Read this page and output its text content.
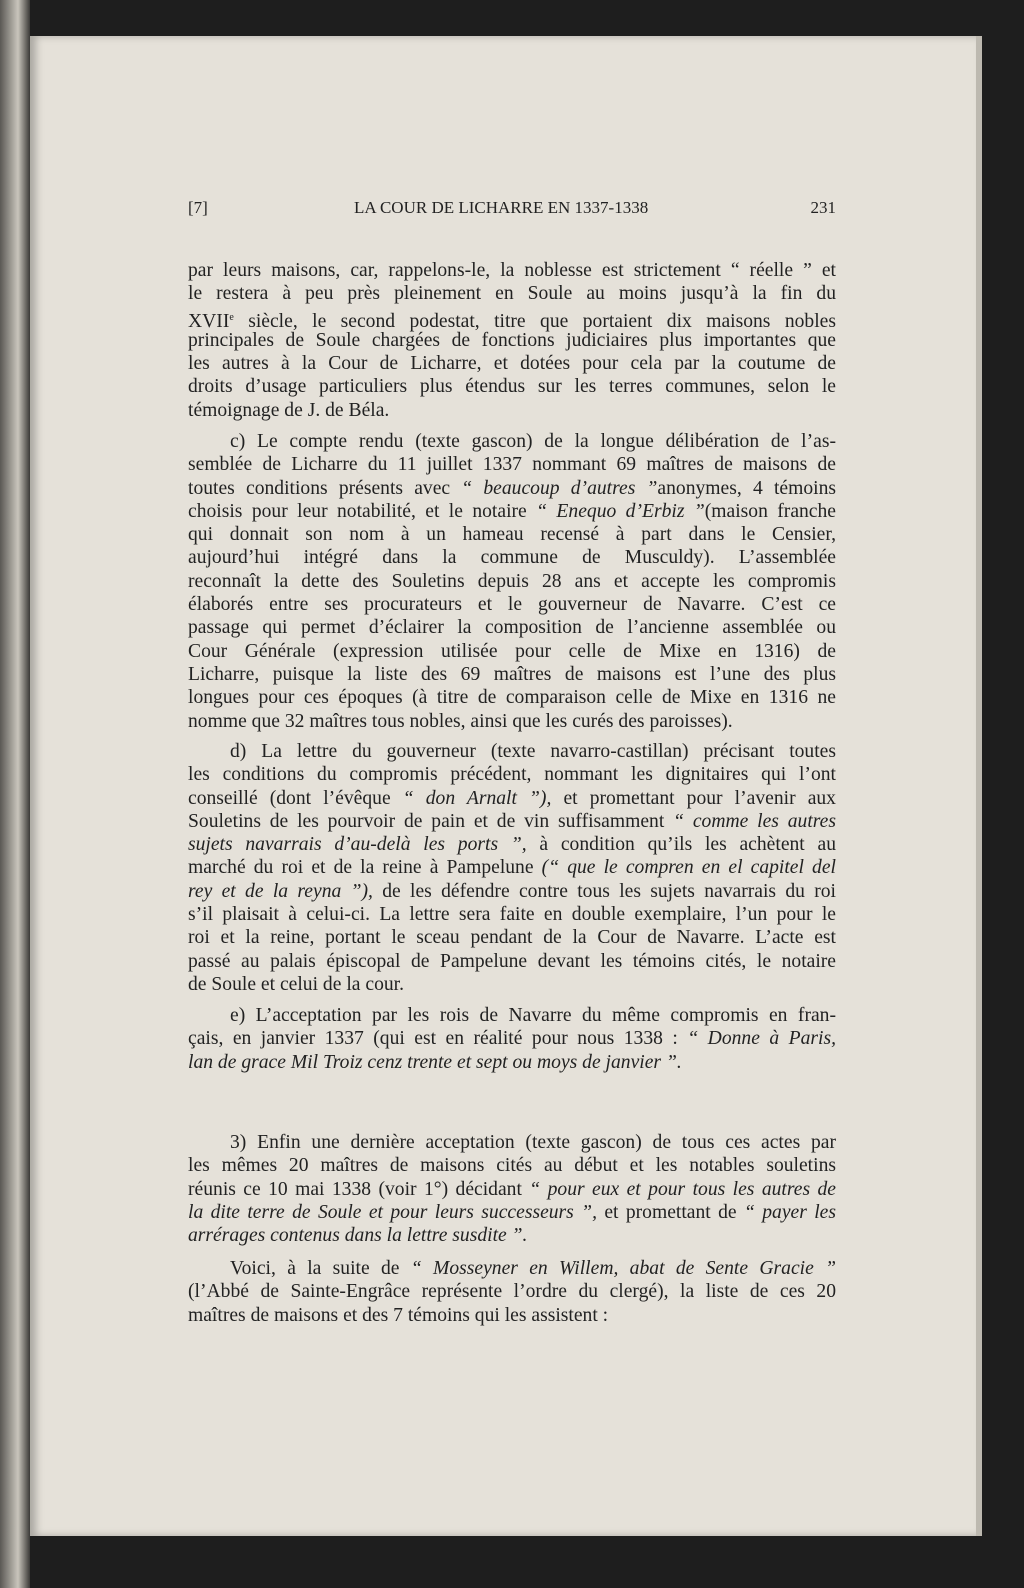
[7]	LA COUR DE LICHARRE EN 1337-1338	231
par leurs maisons, car, rappelons-le, la noblesse est strictement “ réelle ” et
le restera à peu près pleinement en Soule au moins jusqu’à la fin du
XVIIe siècle, le second podestat, titre que portaient dix maisons nobles
principales de Soule chargées de fonctions judiciaires plus importantes que
les autres à la Cour de Licharre, et dotées pour cela par la coutume de
droits d’usage particuliers plus étendus sur les terres communes, selon le
témoignage de J. de Béla.
c) Le compte rendu (texte gascon) de la longue délibération de l’as-
semblée de Licharre du 11 juillet 1337 nommant 69 maîtres de maisons de
toutes conditions présents avec “ beaucoup d’autres ”anonymes, 4 témoins
choisis pour leur notabilité, et le notaire “ Enequo d’Erbiz ”(maison franche
qui donnait son nom à un hameau recensé à part dans le Censier,
aujourd’hui intégré dans la commune de Musculdy). L’assemblée
reconnaît la dette des Souletins depuis 28 ans et accepte les compromis
élaborés entre ses procurateurs et le gouverneur de Navarre. C’est ce
passage qui permet d’éclairer la composition de l’ancienne assemblée ou
Cour Générale (expression utilisée pour celle de Mixe en 1316) de
Licharre, puisque la liste des 69 maîtres de maisons est l’une des plus
longues pour ces époques (à titre de comparaison celle de Mixe en 1316 ne
nomme que 32 maîtres tous nobles, ainsi que les curés des paroisses).
d) La lettre du gouverneur (texte navarro-castillan) précisant toutes
les conditions du compromis précédent, nommant les dignitaires qui l’ont
conseillé (dont l’évêque “ don Arnalt ”), et promettant pour l’avenir aux
Souletins de les pourvoir de pain et de vin suffisamment “ comme les autres
sujets navarrais d’au-delà les ports ”, à condition qu’ils les achètent au
marché du roi et de la reine à Pampelune (“ que le compren en el capitel del
rey et de la reyna ”), de les défendre contre tous les sujets navarrais du roi
s’il plaisait à celui-ci. La lettre sera faite en double exemplaire, l’un pour le
roi et la reine, portant le sceau pendant de la Cour de Navarre. L’acte est
passé au palais épiscopal de Pampelune devant les témoins cités, le notaire
de Soule et celui de la cour.
e) L’acceptation par les rois de Navarre du même compromis en fran-
çais, en janvier 1337 (qui est en réalité pour nous 1338 : “ Donne à Paris,
lan de grace Mil Troiz cenz trente et sept ou moys de janvier ”.
3) Enfin une dernière acceptation (texte gascon) de tous ces actes par
les mêmes 20 maîtres de maisons cités au début et les notables souletins
réunis ce 10 mai 1338 (voir 1°) décidant “ pour eux et pour tous les autres de
la dite terre de Soule et pour leurs successeurs ”, et promettant de “ payer les
arrérages contenus dans la lettre susdite ”.
Voici, à la suite de “ Mosseyner en Willem, abat de Sente Gracie ”
(l’Abbé de Sainte-Engrâce représente l’ordre du clergé), la liste de ces 20
maîtres de maisons et des 7 témoins qui les assistent :
